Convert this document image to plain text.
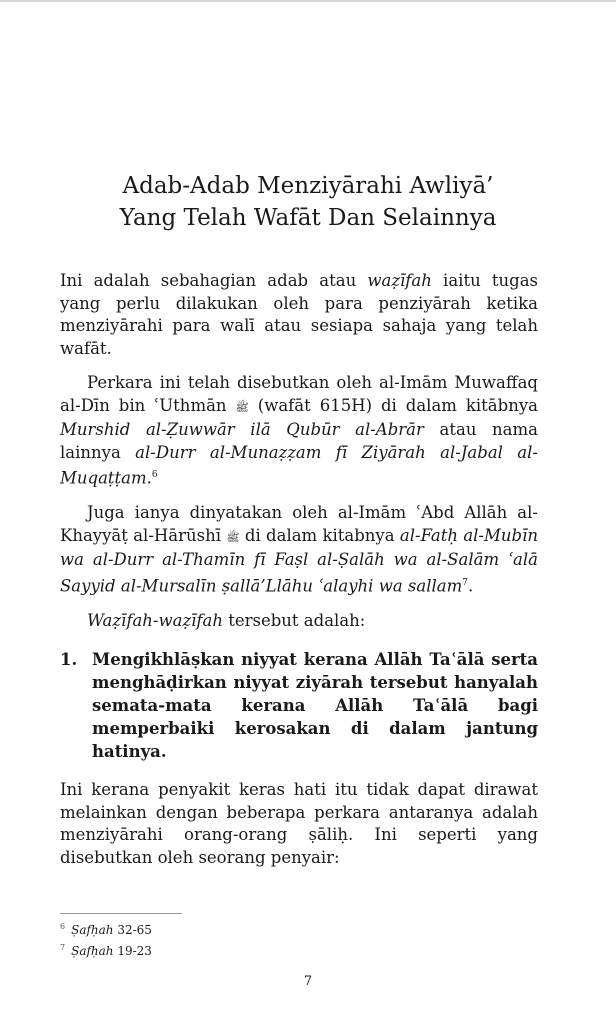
Adab-Adab Menziyārahi Awliyā’
Yang Telah Wafāt Dan Selainnya

Ini adalah sebahagian adab atau waẓīfah iaitu tugas yang perlu dilakukan oleh para penziyārah ketika menziyārahi para walī atau sesiapa sahaja yang telah wafāt.

Perkara ini telah disebutkan oleh al-Imām Muwaffaq al-Dīn bin ʿUthmān ﷺ (wafāt 615H) di dalam kitābnya Murshid al-Ẓuwwār ilā Qubūr al-Abrār atau nama lainnya al-Durr al-Munaẓẓam fī Ziyārah al-Jabal al-Muqaṭṭam.$^6$

Juga ianya dinyatakan oleh al-Imām ʿAbd Allāh al-Khayyāṭ al-Hārūshī ﷺ di dalam kitabnya al-Fatḥ al-Mubīn wa al-Durr al-Thamīn fī Faṣl al-Ṣalāh wa al-Salām ʿalā Sayyid al-Mursalīn ṣallā’Llāhu ʿalayhi wa sallam$^7$.

Waẓīfah-waẓīfah tersebut adalah:

1. Mengikhlāṣkan niyyat kerana Allāh Taʿālā serta menghāḍirkan niyyat ziyārah tersebut hanyalah semata-mata kerana Allāh Taʿālā bagi memperbaiki kerosakan di dalam jantung hatinya.

Ini kerana penyakit keras hati itu tidak dapat dirawat melainkan dengan beberapa perkara antaranya adalah menziyārahi orang-orang ṣāliḥ. Ini seperti yang disebutkan oleh seorang penyair:

$^6$ Ṣafḥah 32-65
$^7$ Ṣafḥah 19-23
7
